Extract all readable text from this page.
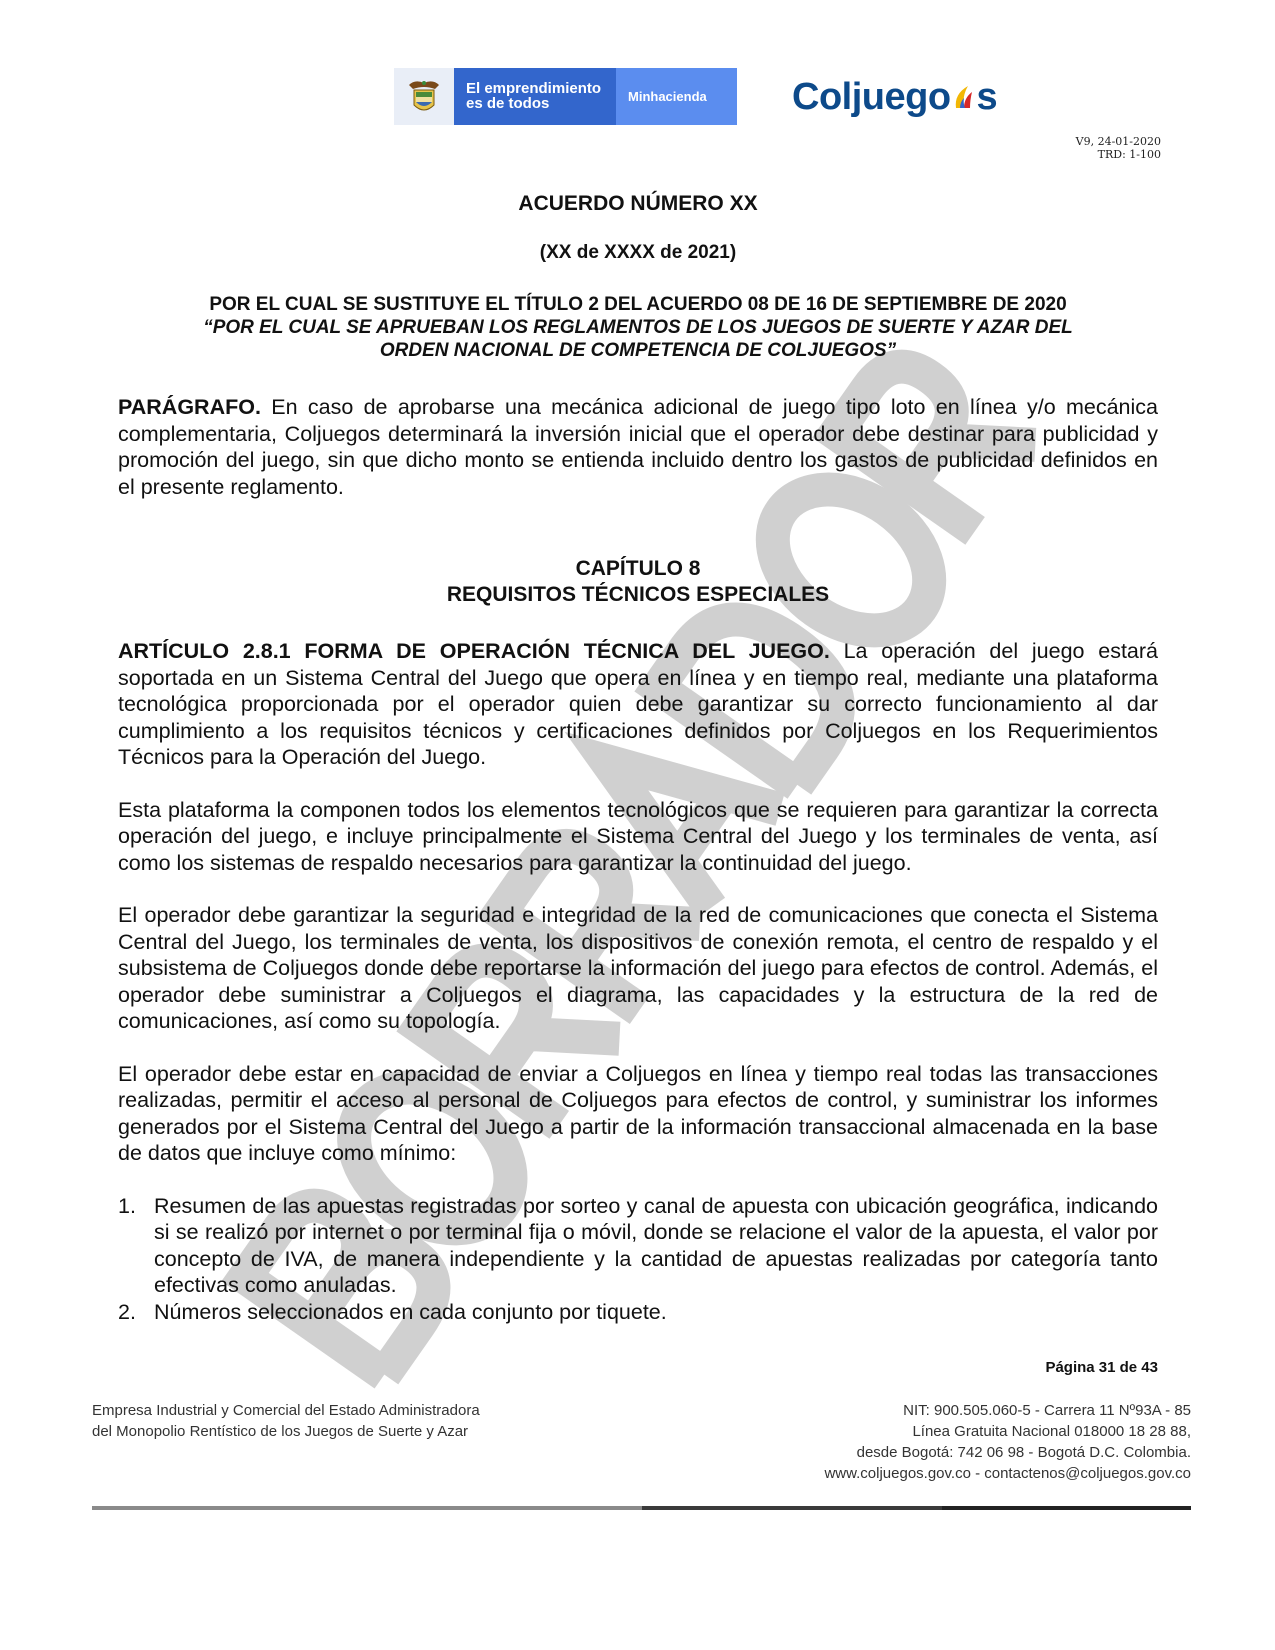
El emprendimiento
es de todos	Minhacienda	Coljuego s
V9, 24-01-2020
TRD: 1-100
ACUERDO NÚMERO XX
(XX de XXXX de 2021)
POR EL CUAL SE SUSTITUYE EL TÍTULO 2 DEL ACUERDO 08 DE 16 DE SEPTIEMBRE DE 2020
“POR EL CUAL SE APRUEBAN LOS REGLAMENTOS DE LOS JUEGOS DE SUERTE Y AZAR DEL
ORDEN NACIONAL DE COMPETENCIA DE COLJUEGOS”
PARÁGRAFO. En caso de aprobarse una mecánica adicional de juego tipo loto en línea y/o mecánica complementaria, Coljuegos determinará la inversión inicial que el operador debe destinar para publicidad y promoción del juego, sin que dicho monto se entienda incluido dentro los gastos de publicidad definidos en el presente reglamento.
CAPÍTULO 8
REQUISITOS TÉCNICOS ESPECIALES
ARTÍCULO 2.8.1 FORMA DE OPERACIÓN TÉCNICA DEL JUEGO. La operación del juego estará soportada en un Sistema Central del Juego que opera en línea y en tiempo real, mediante una plataforma tecnológica proporcionada por el operador quien debe garantizar su correcto funcionamiento al dar cumplimiento a los requisitos técnicos y certificaciones definidos por Coljuegos en los Requerimientos Técnicos para la Operación del Juego.
Esta plataforma la componen todos los elementos tecnológicos que se requieren para garantizar la correcta operación del juego, e incluye principalmente el Sistema Central del Juego y los terminales de venta, así como los sistemas de respaldo necesarios para garantizar la continuidad del juego.
El operador debe garantizar la seguridad e integridad de la red de comunicaciones que conecta el Sistema Central del Juego, los terminales de venta, los dispositivos de conexión remota, el centro de respaldo y el subsistema de Coljuegos donde debe reportarse la información del juego para efectos de control. Además, el operador debe suministrar a Coljuegos el diagrama, las capacidades y la estructura de la red de comunicaciones, así como su topología.
El operador debe estar en capacidad de enviar a Coljuegos en línea y tiempo real todas las transacciones realizadas, permitir el acceso al personal de Coljuegos para efectos de control, y suministrar los informes generados por el Sistema Central del Juego a partir de la información transaccional almacenada en la base de datos que incluye como mínimo:
1. Resumen de las apuestas registradas por sorteo y canal de apuesta con ubicación geográfica, indicando si se realizó por internet o por terminal fija o móvil, donde se relacione el valor de la apuesta, el valor por concepto de IVA, de manera independiente y la cantidad de apuestas realizadas por categoría tanto efectivas como anuladas.
2. Números seleccionados en cada conjunto por tiquete.
Página 31 de 43
Empresa Industrial y Comercial del Estado Administradora
del Monopolio Rentístico de los Juegos de Suerte y Azar
NIT: 900.505.060-5 - Carrera 11 Nº93A - 85
Línea Gratuita Nacional 018000 18 28 88,
desde Bogotá: 742 06 98 - Bogotá D.C. Colombia.
www.coljuegos.gov.co - contactenos@coljuegos.gov.co
